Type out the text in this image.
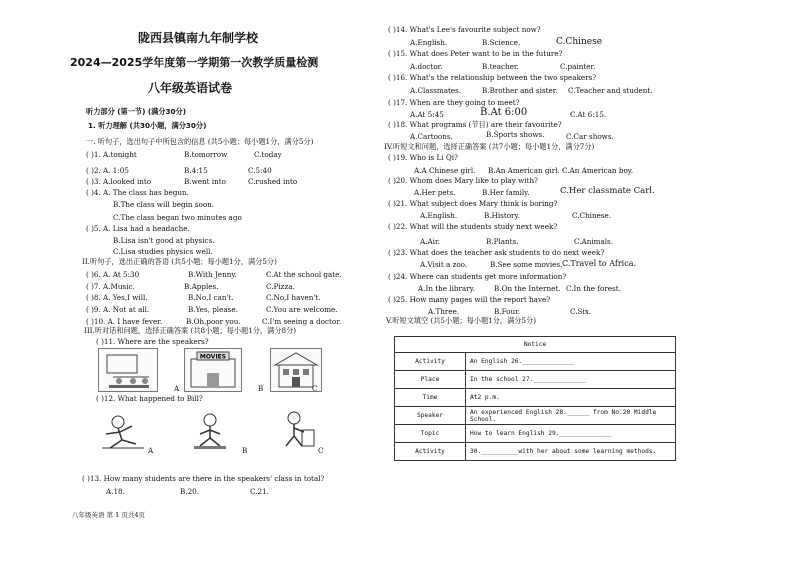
陇西县镇南九年制学校
2024—2025学年度第一学期第一次教学质量检测
八年级英语试卷
听力部分 (第一节) (满分30分)
1. 听力理解 (共30小题，满分30分)
一. 听句子，选出句子中所包含的信息 (共5小题；每小题1分，满分5分)
( )1. A.tonight	B.tomorrow	C.today
( )2. A. 1:05	B.4:15	C.5:40
( )3. A.looked into	B.went into	C.rushed into
( )4. A. The class has begun.
B.The class will begin soon.
C.The class began two minutes ago
( )5. A. Lisa had a headache.
B.Lisa isn't good at physics.
C.Lisa studies physics well.
II.听句子，选出正确的答语 (共5小题；每小题1分，满分5分)
( )6. A. At 5:30	B.With Jenny.	C.At the school gate.
( )7. A.Music.	B.Apples.	C.Pizza.
( )8. A. Yes,I will.	B.No,I can't.	C.No,I haven't.
( )9. A. Not at all.	B.Yes, please.	C.You are welcome.
( )10. A. I have fever.	B.Oh,poor you.	C.I'm seeing a doctor.
III.听对话和问题，选择正确答案 (共8小题；每小题1分，满分8分)
( )11. Where are the speakers?
A
MOVIES
B	C
( )12. What happened to Bill?
A	B	C
( )13. How many students are there in the speakers' class in total?
A.18.	B.20.	C.21.
八年级英语 第 1 页共4页
( )14. What's Lee's favourite subject now?
A.English.	B.Science.	C.Chinese
( )15. What does Peter want to be in the future?
A.doctor.	B.teacher.	C.painter.
( )16. What's the relationship between the two speakers?
A.Classmates.	B.Brother and sister. C.Teacher and student.
( )17. When are they going to meet?
A.At 5:45	B.At 6:00	C.At 6:15.
( )18. What programs (节目) are their favourite?
A.Cartoons.	B.Sports shows.	C.Car shows.
IV.听短文和问题，选择正确答案 (共7小题；每小题1分，满分7分)
( )19. Who is Li Qi?
A.A Chinese girl. B.An American girl. C.An American boy.
( )20. Whom does Mary like to play with?
A.Her pets.	B.Her family.	C.Her classmate Carl.
( )21. What subject does Mary think is boring?
A.English.	B.History.	C.Chinese.
( )22. What will the students study next week?
A.Air.	B.Plants.	C.Animals.
( )23. What does the teacher ask students to do next week?
A.Visit a zoo.	B.See some movies. C.Travel to Africa.
( )24. Where can students get more information?
A.In the library.	B.On the Internet. C.In the forest.
( )25. How many pages will the report have?
A.Three.	B.Four.	C.Six.
V.听短文填空 (共5小题；每小题1分，满分5分)
Notice	
Activity	An English 26.______________
Place	In the school 27.______________
Time	At2 p.m.
Speaker	An experienced English 28.______ from No.20 Middle School.
Topic	How to learn English 29.______________
Activity	30.__________with her about some learning methods.
